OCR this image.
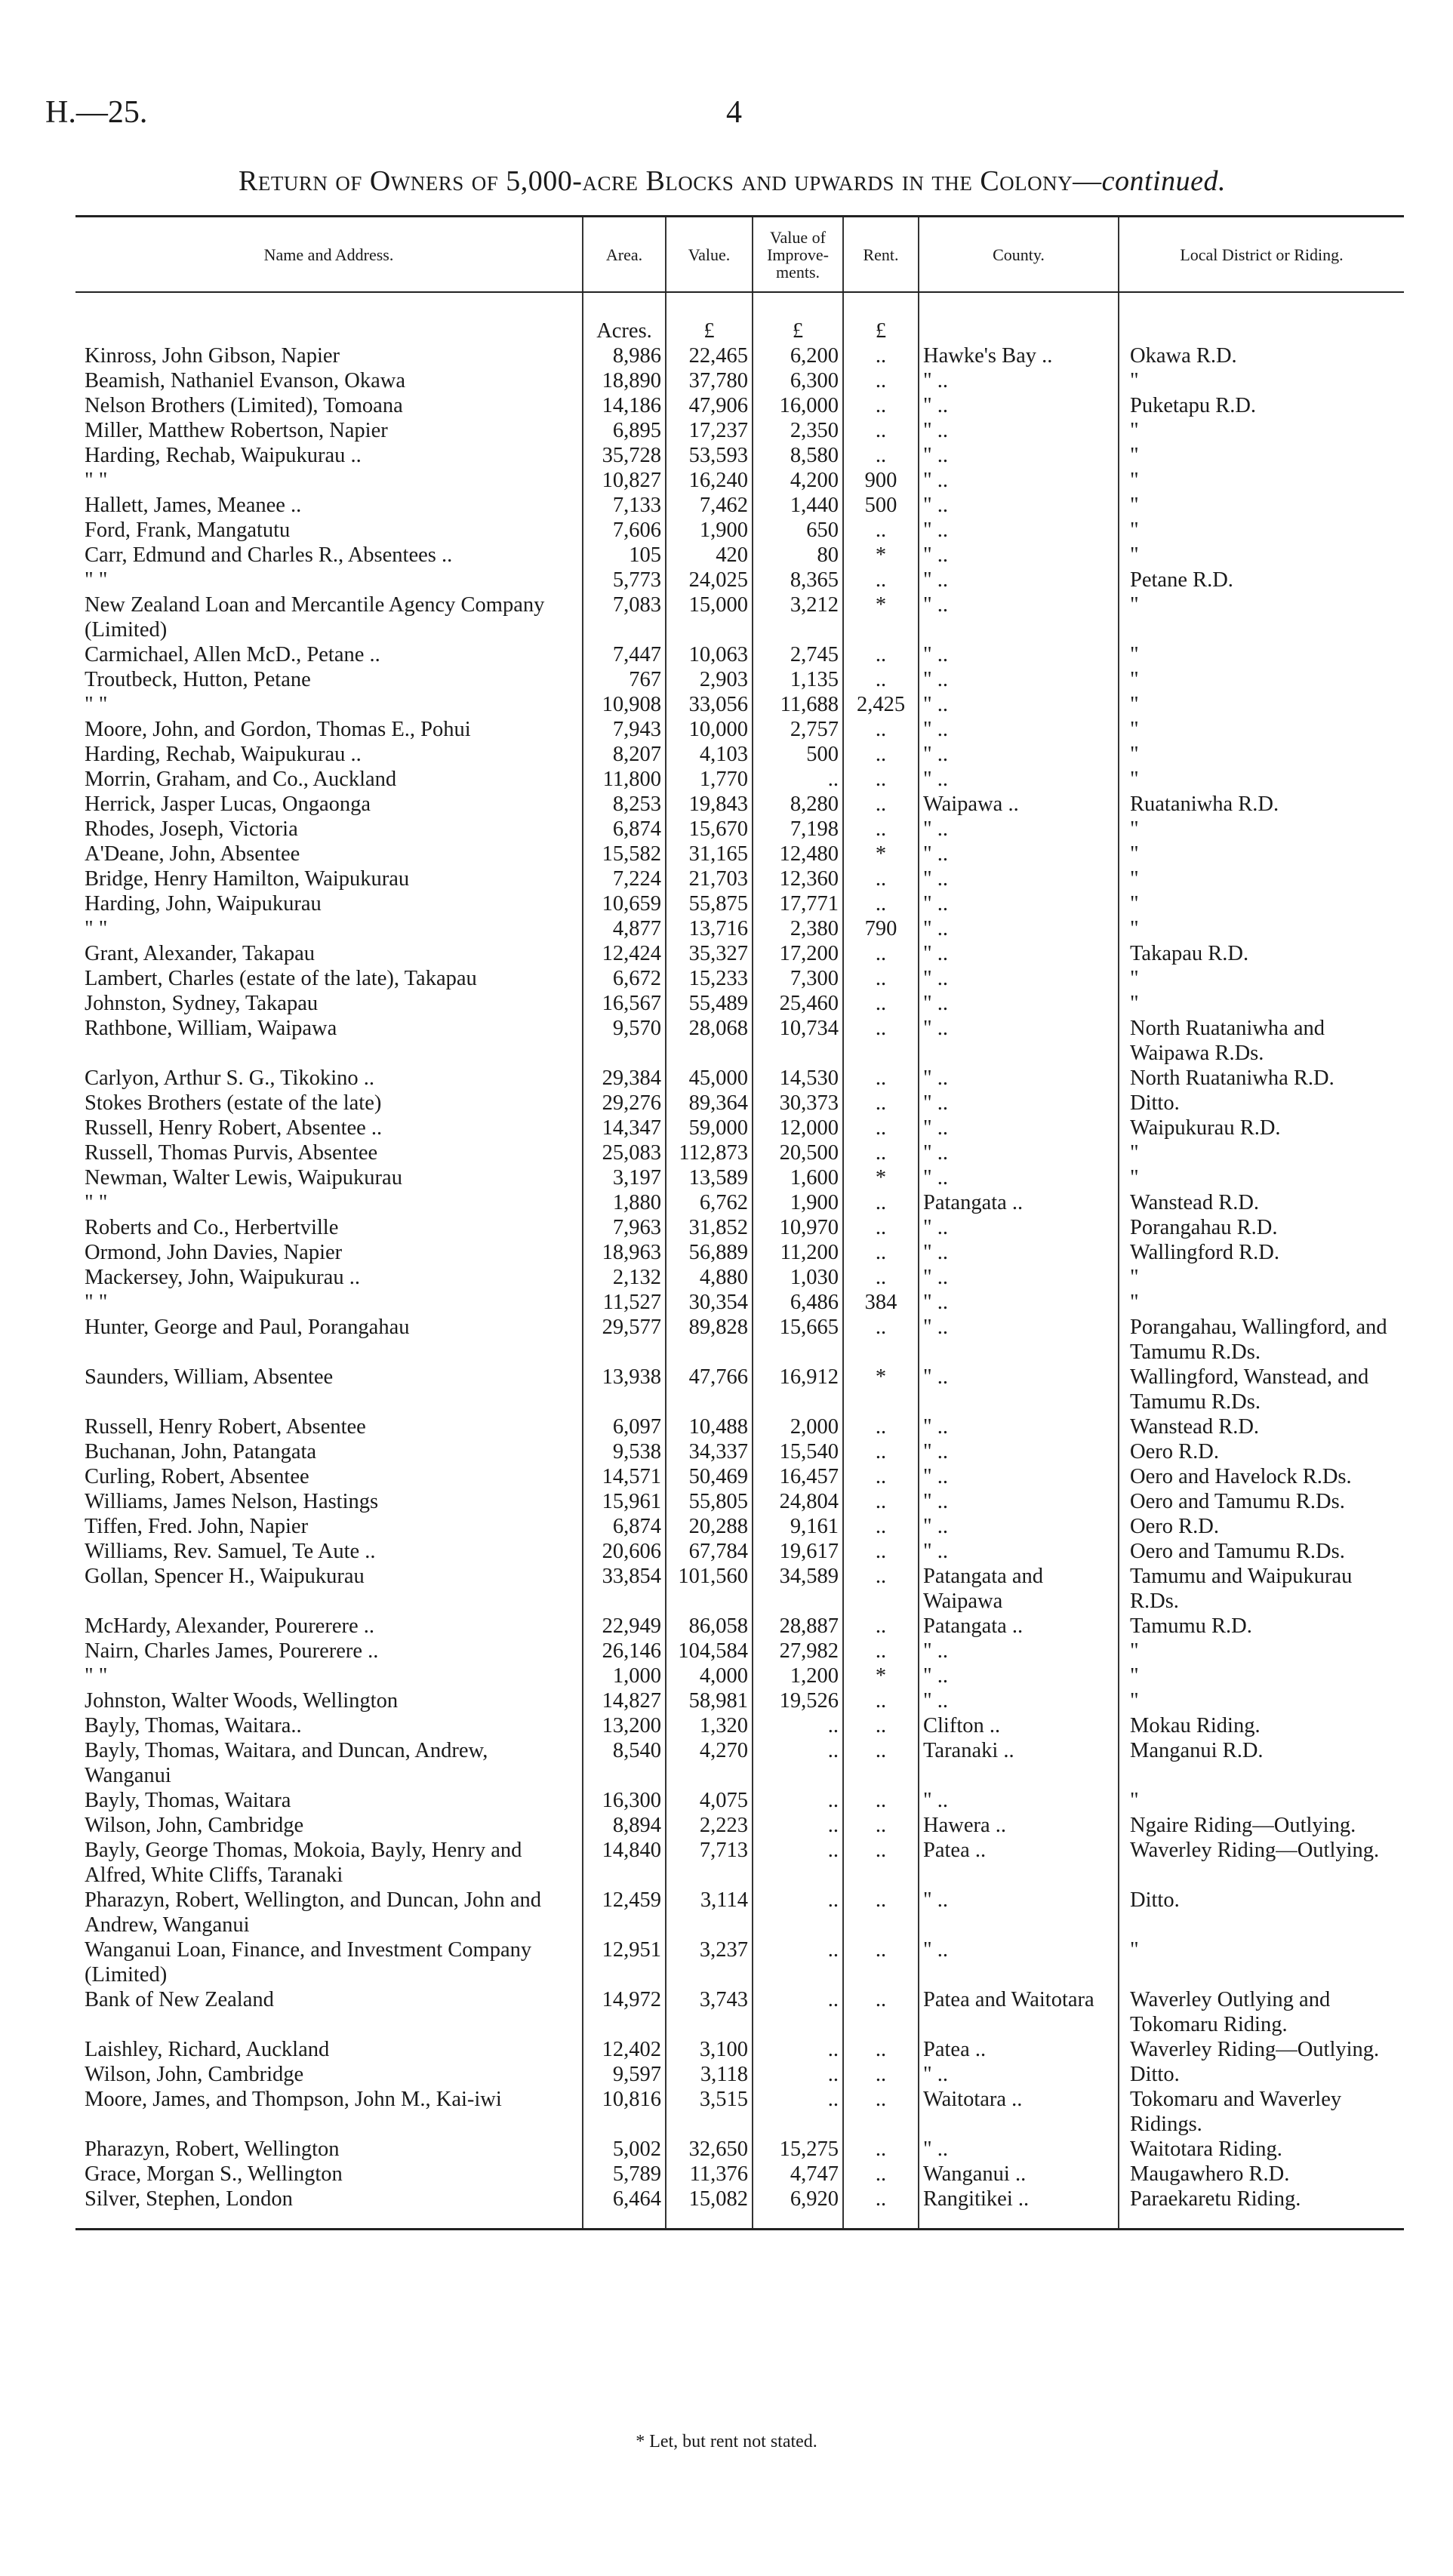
H.—25.	4
Return of Owners of 5,000-acre Blocks and upwards in the Colony—continued.
Name and Address.	Area.	Value.	Value of Improve-ments.	Rent.	County.	Local District or Riding.
	Acres.	£	£	£		
Kinross, John Gibson, Napier	8,986	22,465	6,200	..	Hawke's Bay ..	Okawa R.D.
Beamish, Nathaniel Evanson, Okawa	18,890	37,780	6,300	..	" ..	"
Nelson Brothers (Limited), Tomoana	14,186	47,906	16,000	..	" ..	Puketapu R.D.
Miller, Matthew Robertson, Napier	6,895	17,237	2,350	..	" ..	"
Harding, Rechab, Waipukurau ..	35,728	53,593	8,580	..	" ..	"
" "	10,827	16,240	4,200	900	" ..	"
Hallett, James, Meanee ..	7,133	7,462	1,440	500	" ..	"
Ford, Frank, Mangatutu	7,606	1,900	650	..	" ..	"
Carr, Edmund and Charles R., Absentees ..	105	420	80	*	" ..	"
" "	5,773	24,025	8,365	..	" ..	Petane R.D.
New Zealand Loan and Mercantile Agency Company (Limited)	7,083	15,000	3,212	*	" ..	"
Carmichael, Allen McD., Petane ..	7,447	10,063	2,745	..	" ..	"
Troutbeck, Hutton, Petane	767	2,903	1,135	..	" ..	"
" "	10,908	33,056	11,688	2,425	" ..	"
Moore, John, and Gordon, Thomas E., Pohui	7,943	10,000	2,757	..	" ..	"
Harding, Rechab, Waipukurau ..	8,207	4,103	500	..	" ..	"
Morrin, Graham, and Co., Auckland	11,800	1,770	..	..	" ..	"
Herrick, Jasper Lucas, Ongaonga	8,253	19,843	8,280	..	Waipawa ..	Ruataniwha R.D.
Rhodes, Joseph, Victoria	6,874	15,670	7,198	..	" ..	"
A'Deane, John, Absentee	15,582	31,165	12,480	*	" ..	"
Bridge, Henry Hamilton, Waipukurau	7,224	21,703	12,360	..	" ..	"
Harding, John, Waipukurau	10,659	55,875	17,771	..	" ..	"
" "	4,877	13,716	2,380	790	" ..	"
Grant, Alexander, Takapau	12,424	35,327	17,200	..	" ..	Takapau R.D.
Lambert, Charles (estate of the late), Takapau	6,672	15,233	7,300	..	" ..	"
Johnston, Sydney, Takapau	16,567	55,489	25,460	..	" ..	"
Rathbone, William, Waipawa	9,570	28,068	10,734	..	" ..	North Ruataniwha and Waipawa R.Ds.
Carlyon, Arthur S. G., Tikokino ..	29,384	45,000	14,530	..	" ..	North Ruataniwha R.D.
Stokes Brothers (estate of the late)	29,276	89,364	30,373	..	" ..	Ditto.
Russell, Henry Robert, Absentee ..	14,347	59,000	12,000	..	" ..	Waipukurau R.D.
Russell, Thomas Purvis, Absentee	25,083	112,873	20,500	..	" ..	"
Newman, Walter Lewis, Waipukurau	3,197	13,589	1,600	*	" ..	"
" "	1,880	6,762	1,900	..	Patangata ..	Wanstead R.D.
Roberts and Co., Herbertville	7,963	31,852	10,970	..	" ..	Porangahau R.D.
Ormond, John Davies, Napier	18,963	56,889	11,200	..	" ..	Wallingford R.D.
Mackersey, John, Waipukurau ..	2,132	4,880	1,030	..	" ..	"
" "	11,527	30,354	6,486	384	" ..	"
Hunter, George and Paul, Porangahau	29,577	89,828	15,665	..	" ..	Porangahau, Wallingford, and Tamumu R.Ds.
Saunders, William, Absentee	13,938	47,766	16,912	*	" ..	Wallingford, Wanstead, and Tamumu R.Ds.
Russell, Henry Robert, Absentee	6,097	10,488	2,000	..	" ..	Wanstead R.D.
Buchanan, John, Patangata	9,538	34,337	15,540	..	" ..	Oero R.D.
Curling, Robert, Absentee	14,571	50,469	16,457	..	" ..	Oero and Havelock R.Ds.
Williams, James Nelson, Hastings	15,961	55,805	24,804	..	" ..	Oero and Tamumu R.Ds.
Tiffen, Fred. John, Napier	6,874	20,288	9,161	..	" ..	Oero R.D.
Williams, Rev. Samuel, Te Aute ..	20,606	67,784	19,617	..	" ..	Oero and Tamumu R.Ds.
Gollan, Spencer H., Waipukurau	33,854	101,560	34,589	..	Patangata and Waipawa	Tamumu and Waipukurau R.Ds.
McHardy, Alexander, Pourerere ..	22,949	86,058	28,887	..	Patangata ..	Tamumu R.D.
Nairn, Charles James, Pourerere ..	26,146	104,584	27,982	..	" ..	"
" "	1,000	4,000	1,200	*	" ..	"
Johnston, Walter Woods, Wellington	14,827	58,981	19,526	..	" ..	"
Bayly, Thomas, Waitara..	13,200	1,320	..	..	Clifton ..	Mokau Riding.
Bayly, Thomas, Waitara, and Duncan, Andrew, Wanganui	8,540	4,270	..	..	Taranaki ..	Manganui R.D.
Bayly, Thomas, Waitara	16,300	4,075	..	..	" ..	"
Wilson, John, Cambridge	8,894	2,223	..	..	Hawera ..	Ngaire Riding—Outlying.
Bayly, George Thomas, Mokoia, Bayly, Henry and Alfred, White Cliffs, Taranaki	14,840	7,713	..	..	Patea ..	Waverley Riding—Outlying.
Pharazyn, Robert, Wellington, and Duncan, John and Andrew, Wanganui	12,459	3,114	..	..	" ..	Ditto.
Wanganui Loan, Finance, and Investment Company (Limited)	12,951	3,237	..	..	" ..	"
Bank of New Zealand	14,972	3,743	..	..	Patea and Waitotara	Waverley Outlying and Tokomaru Riding.
Laishley, Richard, Auckland	12,402	3,100	..	..	Patea ..	Waverley Riding—Outlying.
Wilson, John, Cambridge	9,597	3,118	..	..	" ..	Ditto.
Moore, James, and Thompson, John M., Kai-iwi	10,816	3,515	..	..	Waitotara ..	Tokomaru and Waverley Ridings.
Pharazyn, Robert, Wellington	5,002	32,650	15,275	..	" ..	Waitotara Riding.
Grace, Morgan S., Wellington	5,789	11,376	4,747	..	Wanganui ..	Maugawhero R.D.
Silver, Stephen, London	6,464	15,082	6,920	..	Rangitikei ..	Paraekaretu Riding.
* Let, but rent not stated.
